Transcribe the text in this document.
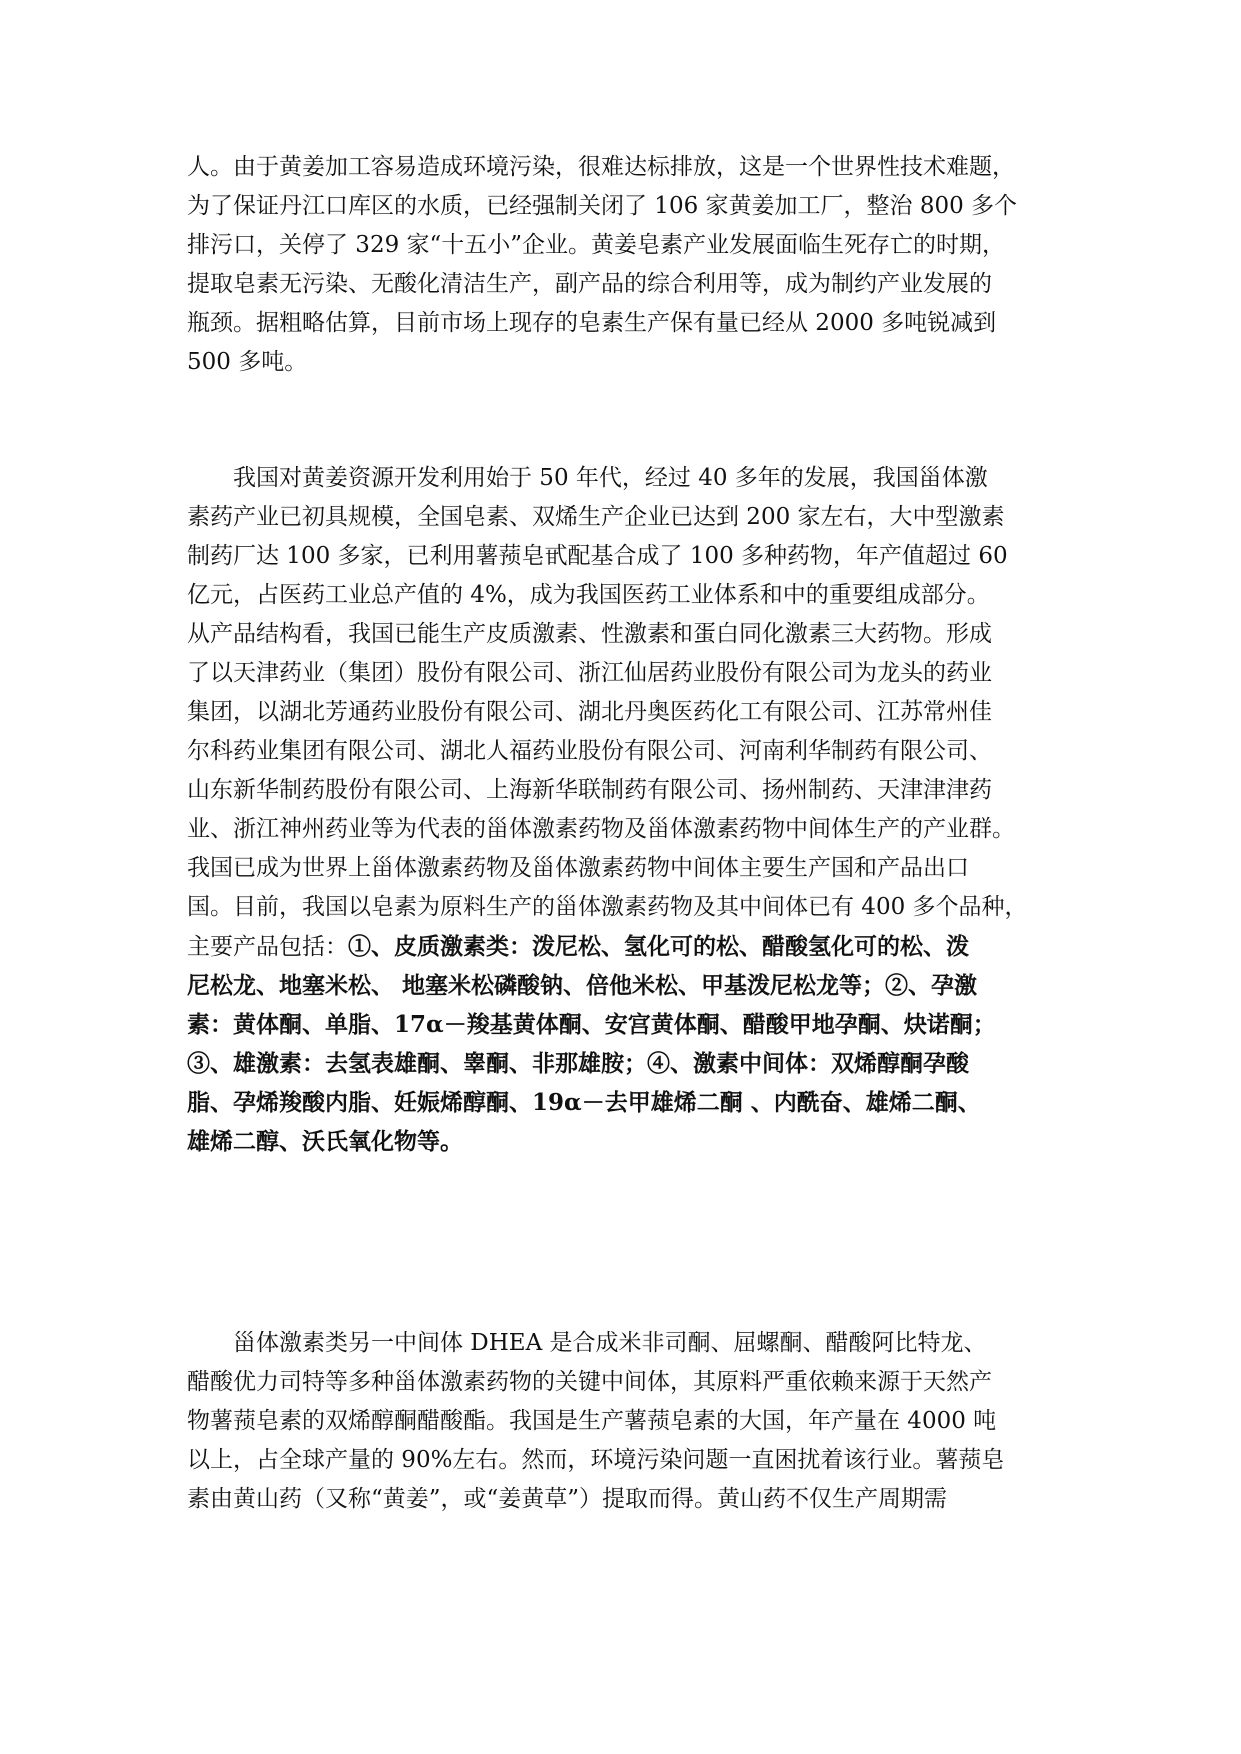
人。由于黄姜加工容易造成环境污染，很难达标排放，这是一个世界性技术难题，
为了保证丹江口库区的水质，已经强制关闭了 106 家黄姜加工厂，整治 800 多个
排污口，关停了 329 家“十五小”企业。黄姜皂素产业发展面临生死存亡的时期，
提取皂素无污染、无酸化清洁生产，副产品的综合利用等，成为制约产业发展的
瓶颈。据粗略估算，目前市场上现存的皂素生产保有量已经从 2000 多吨锐减到
500 多吨。
我国对黄姜资源开发利用始于 50 年代，经过 40 多年的发展，我国甾体激
素药产业已初具规模，全国皂素、双烯生产企业已达到 200 家左右，大中型激素
制药厂达 100 多家，已利用薯蓣皂甙配基合成了 100 多种药物，年产值超过 60
亿元，占医药工业总产值的 4%，成为我国医药工业体系和中的重要组成部分。
从产品结构看，我国已能生产皮质激素、性激素和蛋白同化激素三大药物。形成
了以天津药业（集团）股份有限公司、浙江仙居药业股份有限公司为龙头的药业
集团，以湖北芳通药业股份有限公司、湖北丹奥医药化工有限公司、江苏常州佳
尔科药业集团有限公司、湖北人福药业股份有限公司、河南利华制药有限公司、
山东新华制药股份有限公司、上海新华联制药有限公司、扬州制药、天津津津药
业、浙江神州药业等为代表的甾体激素药物及甾体激素药物中间体生产的产业群。
我国已成为世界上甾体激素药物及甾体激素药物中间体主要生产国和产品出口
国。目前，我国以皂素为原料生产的甾体激素药物及其中间体已有 400 多个品种，
主要产品包括：①、皮质激素类：泼尼松、氢化可的松、醋酸氢化可的松、泼
尼松龙、地塞米松、 地塞米松磷酸钠、倍他米松、甲基泼尼松龙等；②、孕激
素：黄体酮、单脂、17α－羧基黄体酮、安宫黄体酮、醋酸甲地孕酮、炔诺酮；
③、雄激素：去氢表雄酮、睾酮、非那雄胺；④、激素中间体：双烯醇酮孕酸
脂、孕烯羧酸内脂、妊娠烯醇酮、19α－去甲雄烯二酮 、内酰奋、雄烯二酮、
雄烯二醇、沃氏氧化物等。
甾体激素类另一中间体 DHEA 是合成米非司酮、屈螺酮、醋酸阿比特龙、
醋酸优力司特等多种甾体激素药物的关键中间体，其原料严重依赖来源于天然产
物薯蓣皂素的双烯醇酮醋酸酯。我国是生产薯蓣皂素的大国，年产量在 4000 吨
以上，占全球产量的 90%左右。然而，环境污染问题一直困扰着该行业。薯蓣皂
素由黄山药（又称“黄姜”，或“姜黄草”）提取而得。黄山药不仅生产周期需
